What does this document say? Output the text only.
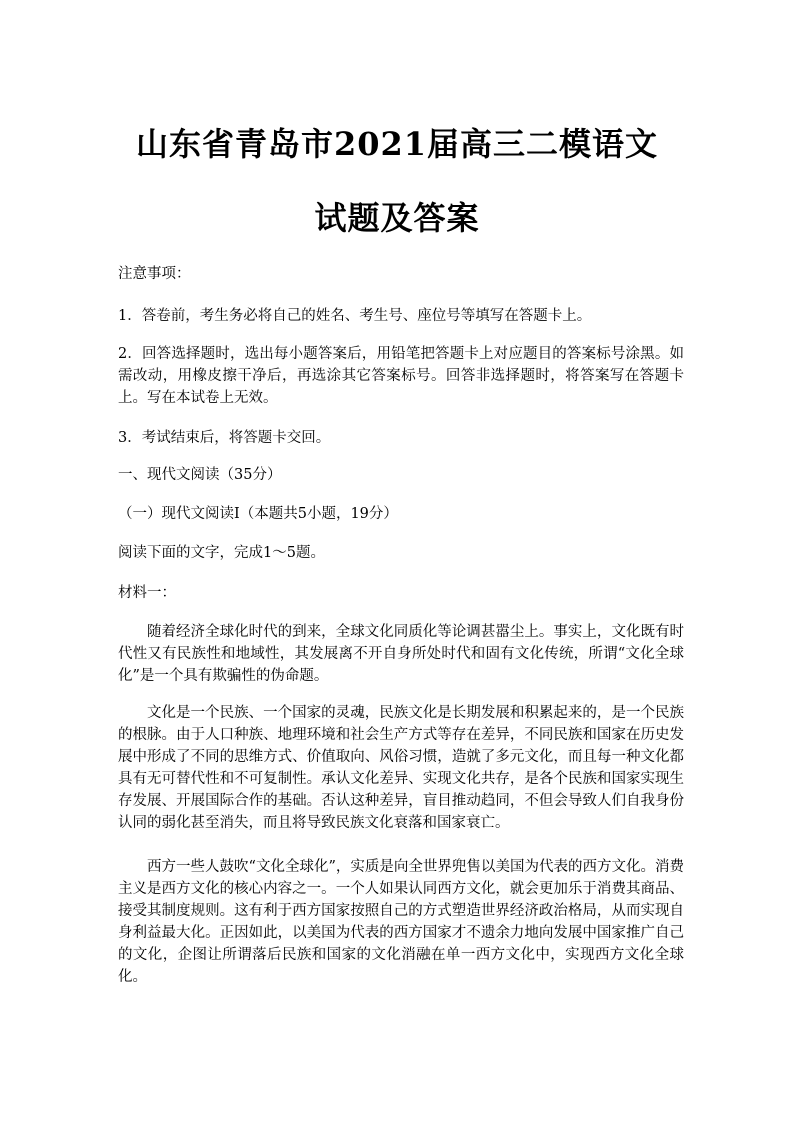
山东省青岛市2021届高三二模语文
试题及答案
注意事项：
1．答卷前，考生务必将自己的姓名、考生号、座位号等填写在答题卡上。
2．回答选择题时，选出每小题答案后，用铅笔把答题卡上对应题目的答案标号涂黑。如需改动，用橡皮擦干净后，再选涂其它答案标号。回答非选择题时，将答案写在答题卡上。写在本试卷上无效。
3．考试结束后，将答题卡交回。
一、现代文阅读（35分）
（一）现代文阅读Ⅰ（本题共5小题，19分）
阅读下面的文字，完成1～5题。
材料一：
随着经济全球化时代的到来，全球文化同质化等论调甚嚣尘上。事实上，文化既有时代性又有民族性和地域性，其发展离不开自身所处时代和固有文化传统，所谓“文化全球化”是一个具有欺骗性的伪命题。
文化是一个民族、一个国家的灵魂，民族文化是长期发展和积累起来的，是一个民族的根脉。由于人口种族、地理环境和社会生产方式等存在差异，不同民族和国家在历史发展中形成了不同的思维方式、价值取向、风俗习惯，造就了多元文化，而且每一种文化都具有无可替代性和不可复制性。承认文化差异、实现文化共存，是各个民族和国家实现生存发展、开展国际合作的基础。否认这种差异，盲目推动趋同，不但会导致人们自我身份认同的弱化甚至消失，而且将导致民族文化衰落和国家衰亡。
西方一些人鼓吹“文化全球化”，实质是向全世界兜售以美国为代表的西方文化。消费主义是西方文化的核心内容之一。一个人如果认同西方文化，就会更加乐于消费其商品、接受其制度规则。这有利于西方国家按照自己的方式塑造世界经济政治格局，从而实现自身利益最大化。正因如此，以美国为代表的西方国家才不遗余力地向发展中国家推广自己的文化，企图让所谓落后民族和国家的文化消融在单一西方文化中，实现西方文化全球化。
